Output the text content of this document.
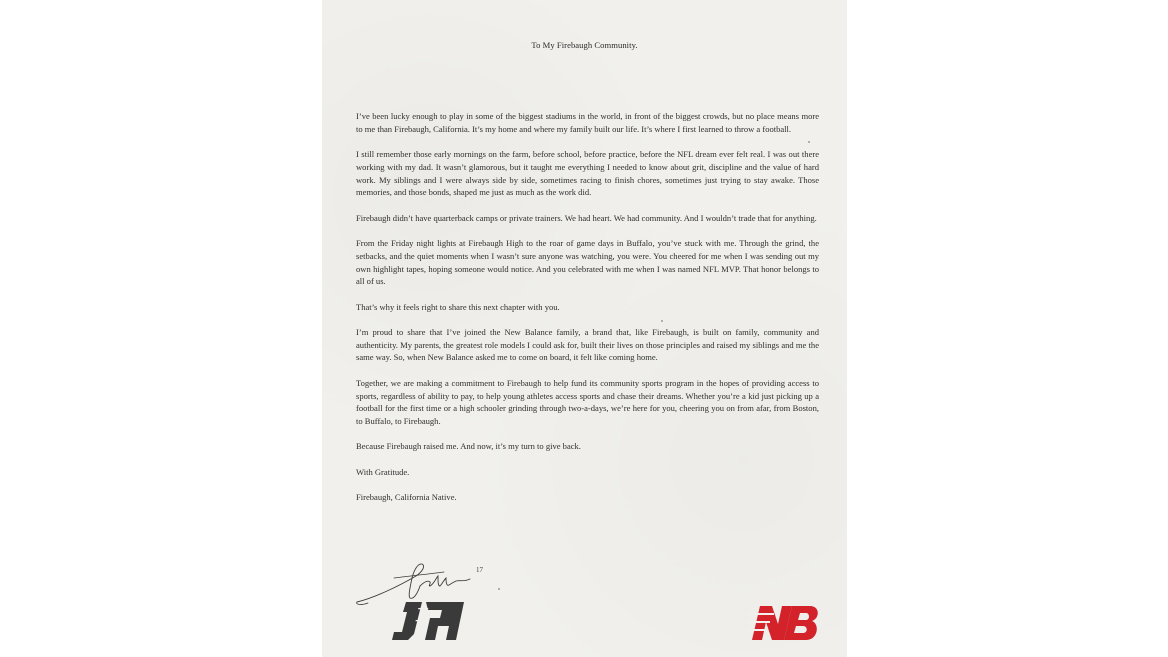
To My Firebaugh Community.

I’ve been lucky enough to play in some of the biggest stadiums in the world, in front of the biggest crowds, but no place means more to me than Firebaugh, California. It’s my home and where my family built our life. It’s where I first learned to throw a football.

I still remember those early mornings on the farm, before school, before practice, before the NFL dream ever felt real. I was out there working with my dad. It wasn’t glamorous, but it taught me everything I needed to know about grit, discipline and the value of hard work. My siblings and I were always side by side, sometimes racing to finish chores, sometimes just trying to stay awake. Those memories, and those bonds, shaped me just as much as the work did.

Firebaugh didn’t have quarterback camps or private trainers. We had heart. We had community. And I wouldn’t trade that for anything.

From the Friday night lights at Firebaugh High to the roar of game days in Buffalo, you’ve stuck with me. Through the grind, the setbacks, and the quiet moments when I wasn’t sure anyone was watching, you were. You cheered for me when I was sending out my own highlight tapes, hoping someone would notice. And you celebrated with me when I was named NFL MVP. That honor belongs to all of us.

That’s why it feels right to share this next chapter with you.

I’m proud to share that I’ve joined the New Balance family, a brand that, like Firebaugh, is built on family, community and authenticity. My parents, the greatest role models I could ask for, built their lives on those principles and raised my siblings and me the same way. So, when New Balance asked me to come on board, it felt like coming home.

Together, we are making a commitment to Firebaugh to help fund its community sports program in the hopes of providing access to sports, regardless of ability to pay, to help young athletes access sports and chase their dreams. Whether you’re a kid just picking up a football for the first time or a high schooler grinding through two-a-days, we’re here for you, cheering you on from afar, from Boston, to Buffalo, to Firebaugh.

Because Firebaugh raised me. And now, it’s my turn to give back.

With Gratitude.

Firebaugh, California Native.

17
